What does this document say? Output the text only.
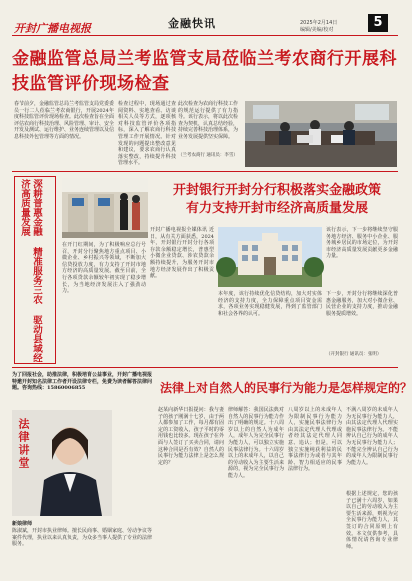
开封广播电视报	金融快讯	2025年2月14日
编辑/美编/校对	5
金融监管总局兰考监管支局莅临兰考农商行开展科技监管评价现场检查
春节前夕，金融监管总局兰考监管支局党委委员一行二人莅临兰考农商银行，开展2024年度科技监管评价现场检查。此次检查旨在全面评估农商行科技治理、风险管理、审计、安全开发及测试、运行维护、业务连续管理以及信息科技外包管理等方面的情况。
检查过程中，现场通过查阅资料、实地查看、访谈相关人员等方式，逐项核对科技监管评价各项指标，深入了解农商行科技管理工作开展情况。针对发现的问题提出整改意见和建议，要求农商行认真落实整改，持续提升科技管理水平。
此次检查为农商行科技工作的规范运行提供了有力指导。该行表示，将以此次检查为契机，认真总结经验，持续完善科技治理体系，为业务发展提供坚实保障。
（兰考农商行 通讯员：李雪）
深耕普惠金融 精准服务三农 驱动县域经济高质量发展	开封银行开封分行积极落实金融政策
有力支持开封市经济高质量发展
在开门红期间，为了积极响应总行号召，开封分行聚焦地方重点项目、小微企业、乡村振兴等领域，不断加大信贷投放力度，有力支持了开封市地方经济的高质量发展。截至目前，全行各项贷款余额较年初实现了稳步增长，为当地经济发展注入了强劲动力。
开封广播电视报全媒体讯 近日，从有关方面获悉，2024年，开封银行开封分行各项存款余额稳定增长，普惠型小微企业贷款、涉农贷款余额持续提升，为服务开封市地方经济发展作出了积极贡献。
本年度，该行持续优化信贷结构，加大对实体经济的支持力度，全力保障重点项目资金需求，各项业务实现稳健发展，得到了监管部门和社会各界的认可。
该行表示，下一步将继续坚守服务地方经济、服务中小企业、服务城乡居民的市场定位，为开封市经济高质量发展贡献更多金融力量。
下一步，开封分行将继续深化普惠金融服务，加大对小微企业、民营企业的支持力度，推动金融服务提质增效。
（开封银行 通讯员：张明）
为了回报社会，助推法律，积极培育公益事业，开封广播电视报特邀开封知名法律工作者开设法律专栏，免费为读者解答法律问题。咨询热线：15860006855	法律上对自然人的民事行为能力是怎样规定的？
法律讲堂
新娘律师
陈淑斌，开封市执业律师。擅长民商事、婚姻家庭、劳动争议等案件代理，执业以来认真负责，为众多当事人提供了专业的法律服务。
赵某向新华日报提问：我与妻子的孩子刚满十七岁，由于两人都参加了工作，每月都有固定的工资收入，孩子平时的零用钱也比较多。现在孩子在外面与人签订了买卖合同，请问这种合同是否有效？自然人的民事行为能力法律上是怎么规定的？
律师解答：我国民法典对自然人的民事行为能力作出了明确的规定。十八周岁以上的自然人为成年人，成年人为完全民事行为能力人，可以独立实施民事法律行为。十六周岁以上的未成年人，以自己的劳动收入为主要生活来源的，视为完全民事行为能力人。
八周岁以上的未成年人为限制民事行为能力人，实施民事法律行为由其法定代理人代理或者经其法定代理人同意、追认；但是，可以独立实施纯获利益的民事法律行为或者与其年龄、智力相适应的民事法律行为。
不满八周岁的未成年人为无民事行为能力人，由其法定代理人代理实施民事法律行为。不能辨认自己行为的成年人为无民事行为能力人；不能完全辨认自己行为的成年人为限制民事行为能力人。
根据上述规定，您的孩子已满十六周岁，如果以自己的劳动收入为主要生活来源，则视为完全民事行为能力人，其签订的合同原则上有效。本文仅供参考，具体情况请咨询专业律师。
